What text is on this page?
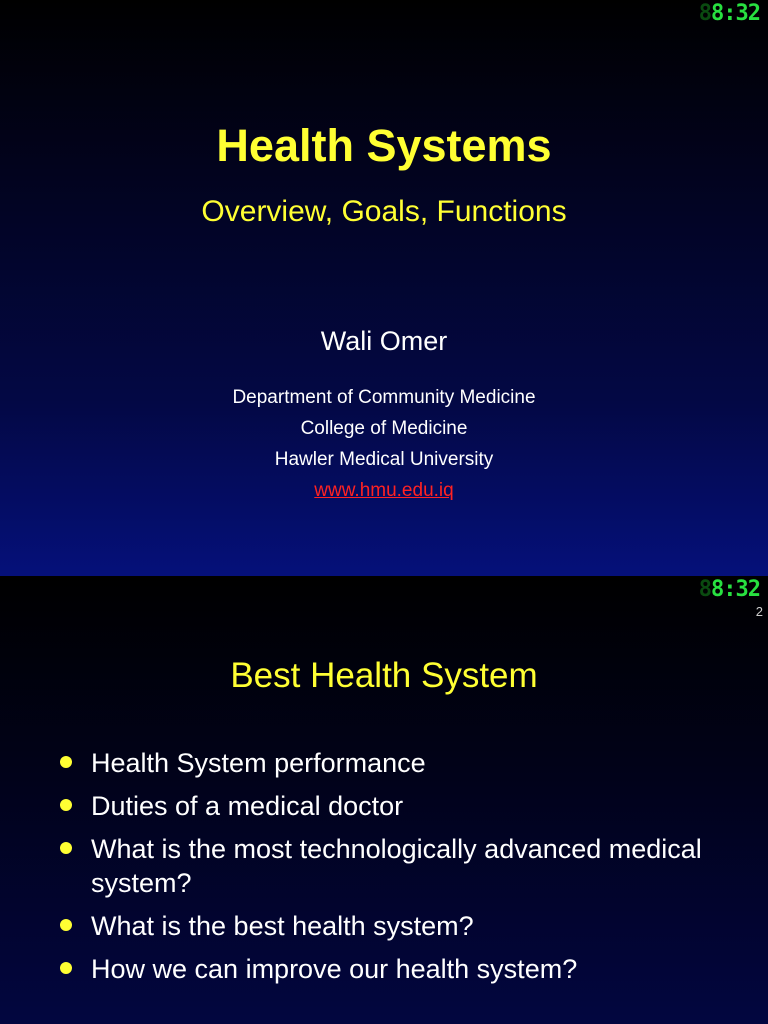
88:32
Health Systems
Overview, Goals, Functions
Wali Omer
Department of Community Medicine
College of Medicine
Hawler Medical University
www.hmu.edu.iq
88:32
2
Best Health System
Health System performance
Duties of a medical doctor
What is the most technologically advanced medical system?
What is the best health system?
How we can improve our health system?
